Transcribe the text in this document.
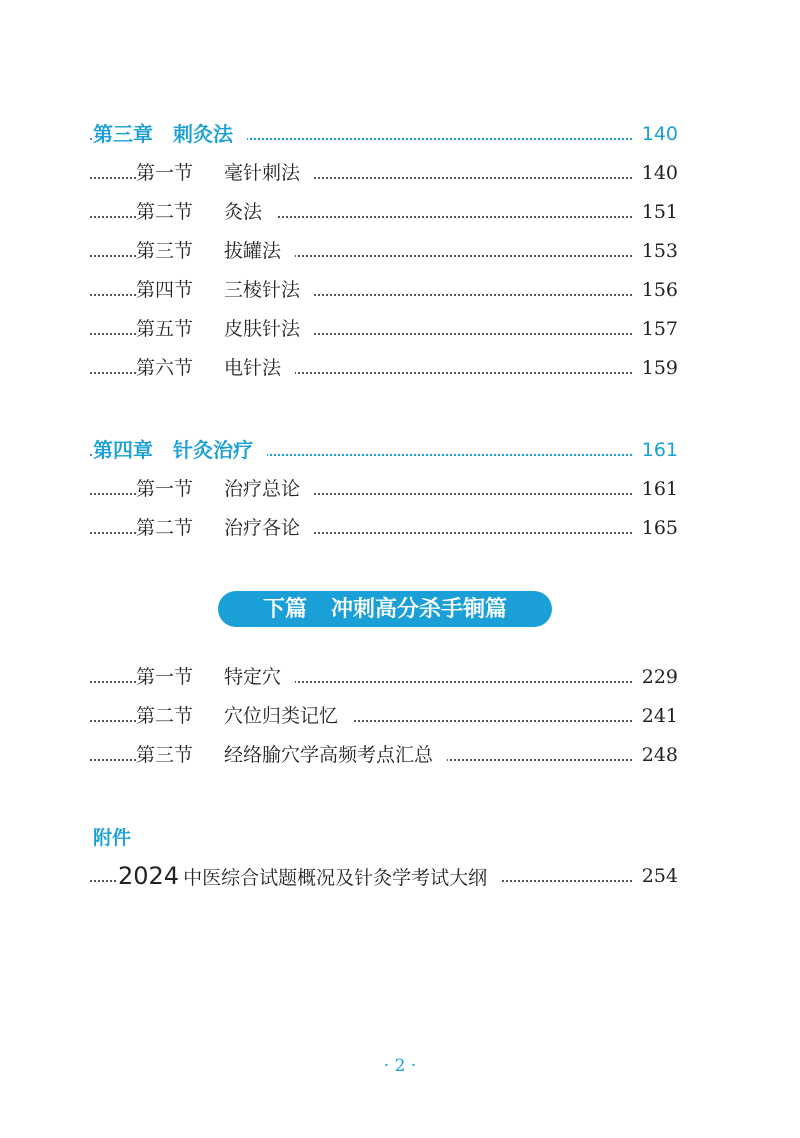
第三章　刺灸法	140
第一节 毫针刺法	140
第二节 灸法	151
第三节 拔罐法	153
第四节 三棱针法	156
第五节 皮肤针法	157
第六节 电针法	159
第四章　针灸治疗	161
第一节 治疗总论	161
第二节 治疗各论	165
下篇 冲刺高分杀手锏篇
第一节 特定穴	229
第二节 穴位归类记忆	241
第三节 经络腧穴学高频考点汇总	248
附件
2024 中医综合试题概况及针灸学考试大纲	254
· 2 ·
